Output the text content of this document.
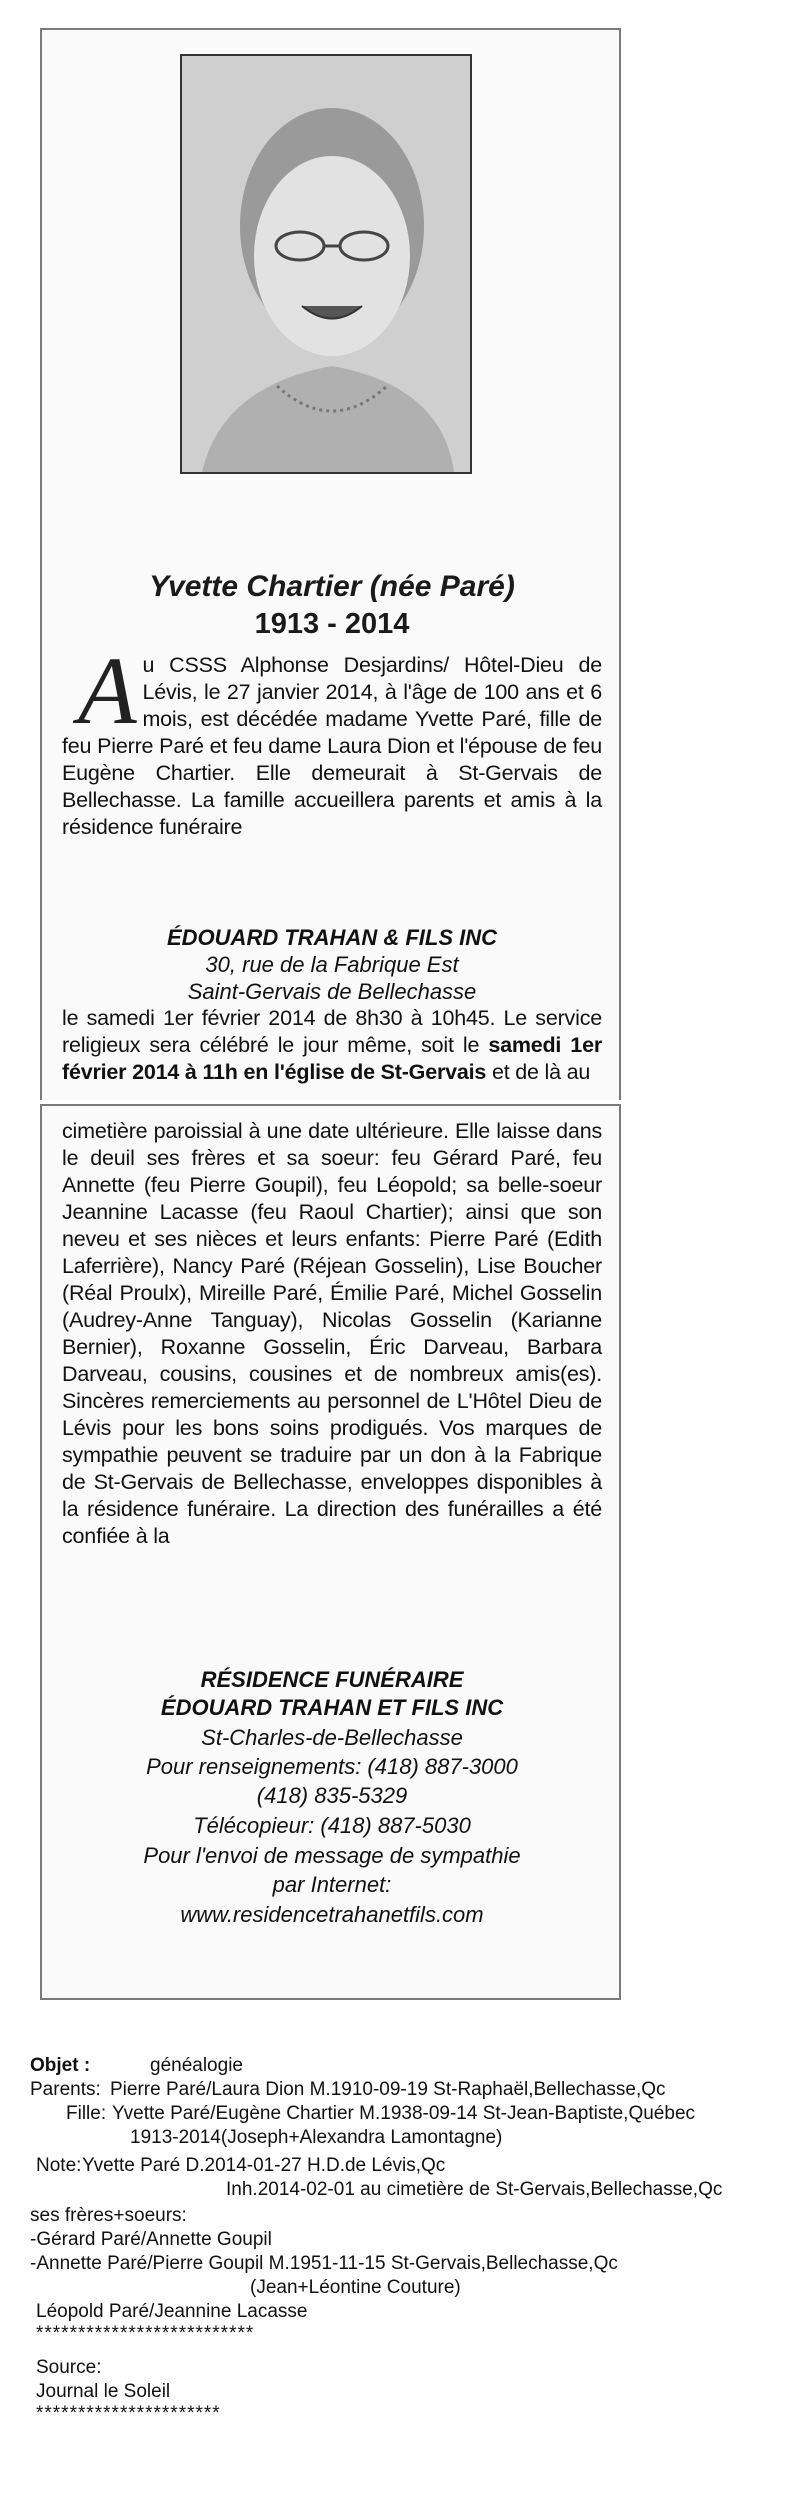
Yvette Chartier (née Paré)
1913 - 2014
Au CSSS Alphonse Desjardins/ Hôtel-Dieu de Lévis, le 27 janvier 2014, à l'âge de 100 ans et 6 mois, est décédée madame Yvette Paré, fille de feu Pierre Paré et feu dame Laura Dion et l'épouse de feu Eugène Chartier. Elle demeurait à St-Gervais de Bellechasse. La famille accueillera parents et amis à la résidence funéraire
ÉDOUARD TRAHAN & FILS INC
30, rue de la Fabrique Est
Saint-Gervais de Bellechasse
le samedi 1er février 2014 de 8h30 à 10h45. Le service religieux sera célébré le jour même, soit le samedi 1er février 2014 à 11h en l'église de St-Gervais et de là au
cimetière paroissial à une date ultérieure. Elle laisse dans le deuil ses frères et sa soeur: feu Gérard Paré, feu Annette (feu Pierre Goupil), feu Léopold; sa belle-soeur Jeannine Lacasse (feu Raoul Chartier); ainsi que son neveu et ses nièces et leurs enfants: Pierre Paré (Edith Laferrière), Nancy Paré (Réjean Gosselin), Lise Boucher (Réal Proulx), Mireille Paré, Émilie Paré, Michel Gosselin (Audrey-Anne Tanguay), Nicolas Gosselin (Karianne Bernier), Roxanne Gosselin, Éric Darveau, Barbara Darveau, cousins, cousines et de nombreux amis(es). Sincères remerciements au personnel de L'Hôtel Dieu de Lévis pour les bons soins prodigués. Vos marques de sympathie peuvent se traduire par un don à la Fabrique de St-Gervais de Bellechasse, enveloppes disponibles à la résidence funéraire. La direction des funérailles a été confiée à la
RÉSIDENCE FUNÉRAIRE
ÉDOUARD TRAHAN ET FILS INC
St-Charles-de-Bellechasse
Pour renseignements: (418) 887-3000
(418) 835-5329
Télécopieur: (418) 887-5030
Pour l'envoi de message de sympathie
par Internet:
www.residencetrahanetfils.com
Objet :	généalogie
Parents: Pierre Paré/Laura Dion M.1910-09-19 St-Raphaël,Bellechasse,Qc
Fille: Yvette Paré/Eugène Chartier M.1938-09-14 St-Jean-Baptiste,Québec
1913-2014(Joseph+Alexandra Lamontagne)
Note: Yvette Paré D.2014-01-27 H.D.de Lévis,Qc
Inh.2014-02-01 au cimetière de St-Gervais,Bellechasse,Qc
ses frères+soeurs:
-Gérard Paré/Annette Goupil
-Annette Paré/Pierre Goupil M.1951-11-15 St-Gervais,Bellechasse,Qc
(Jean+Léontine Couture)
Léopold Paré/Jeannine Lacasse
**************************
Source:
Journal le Soleil
**********************
